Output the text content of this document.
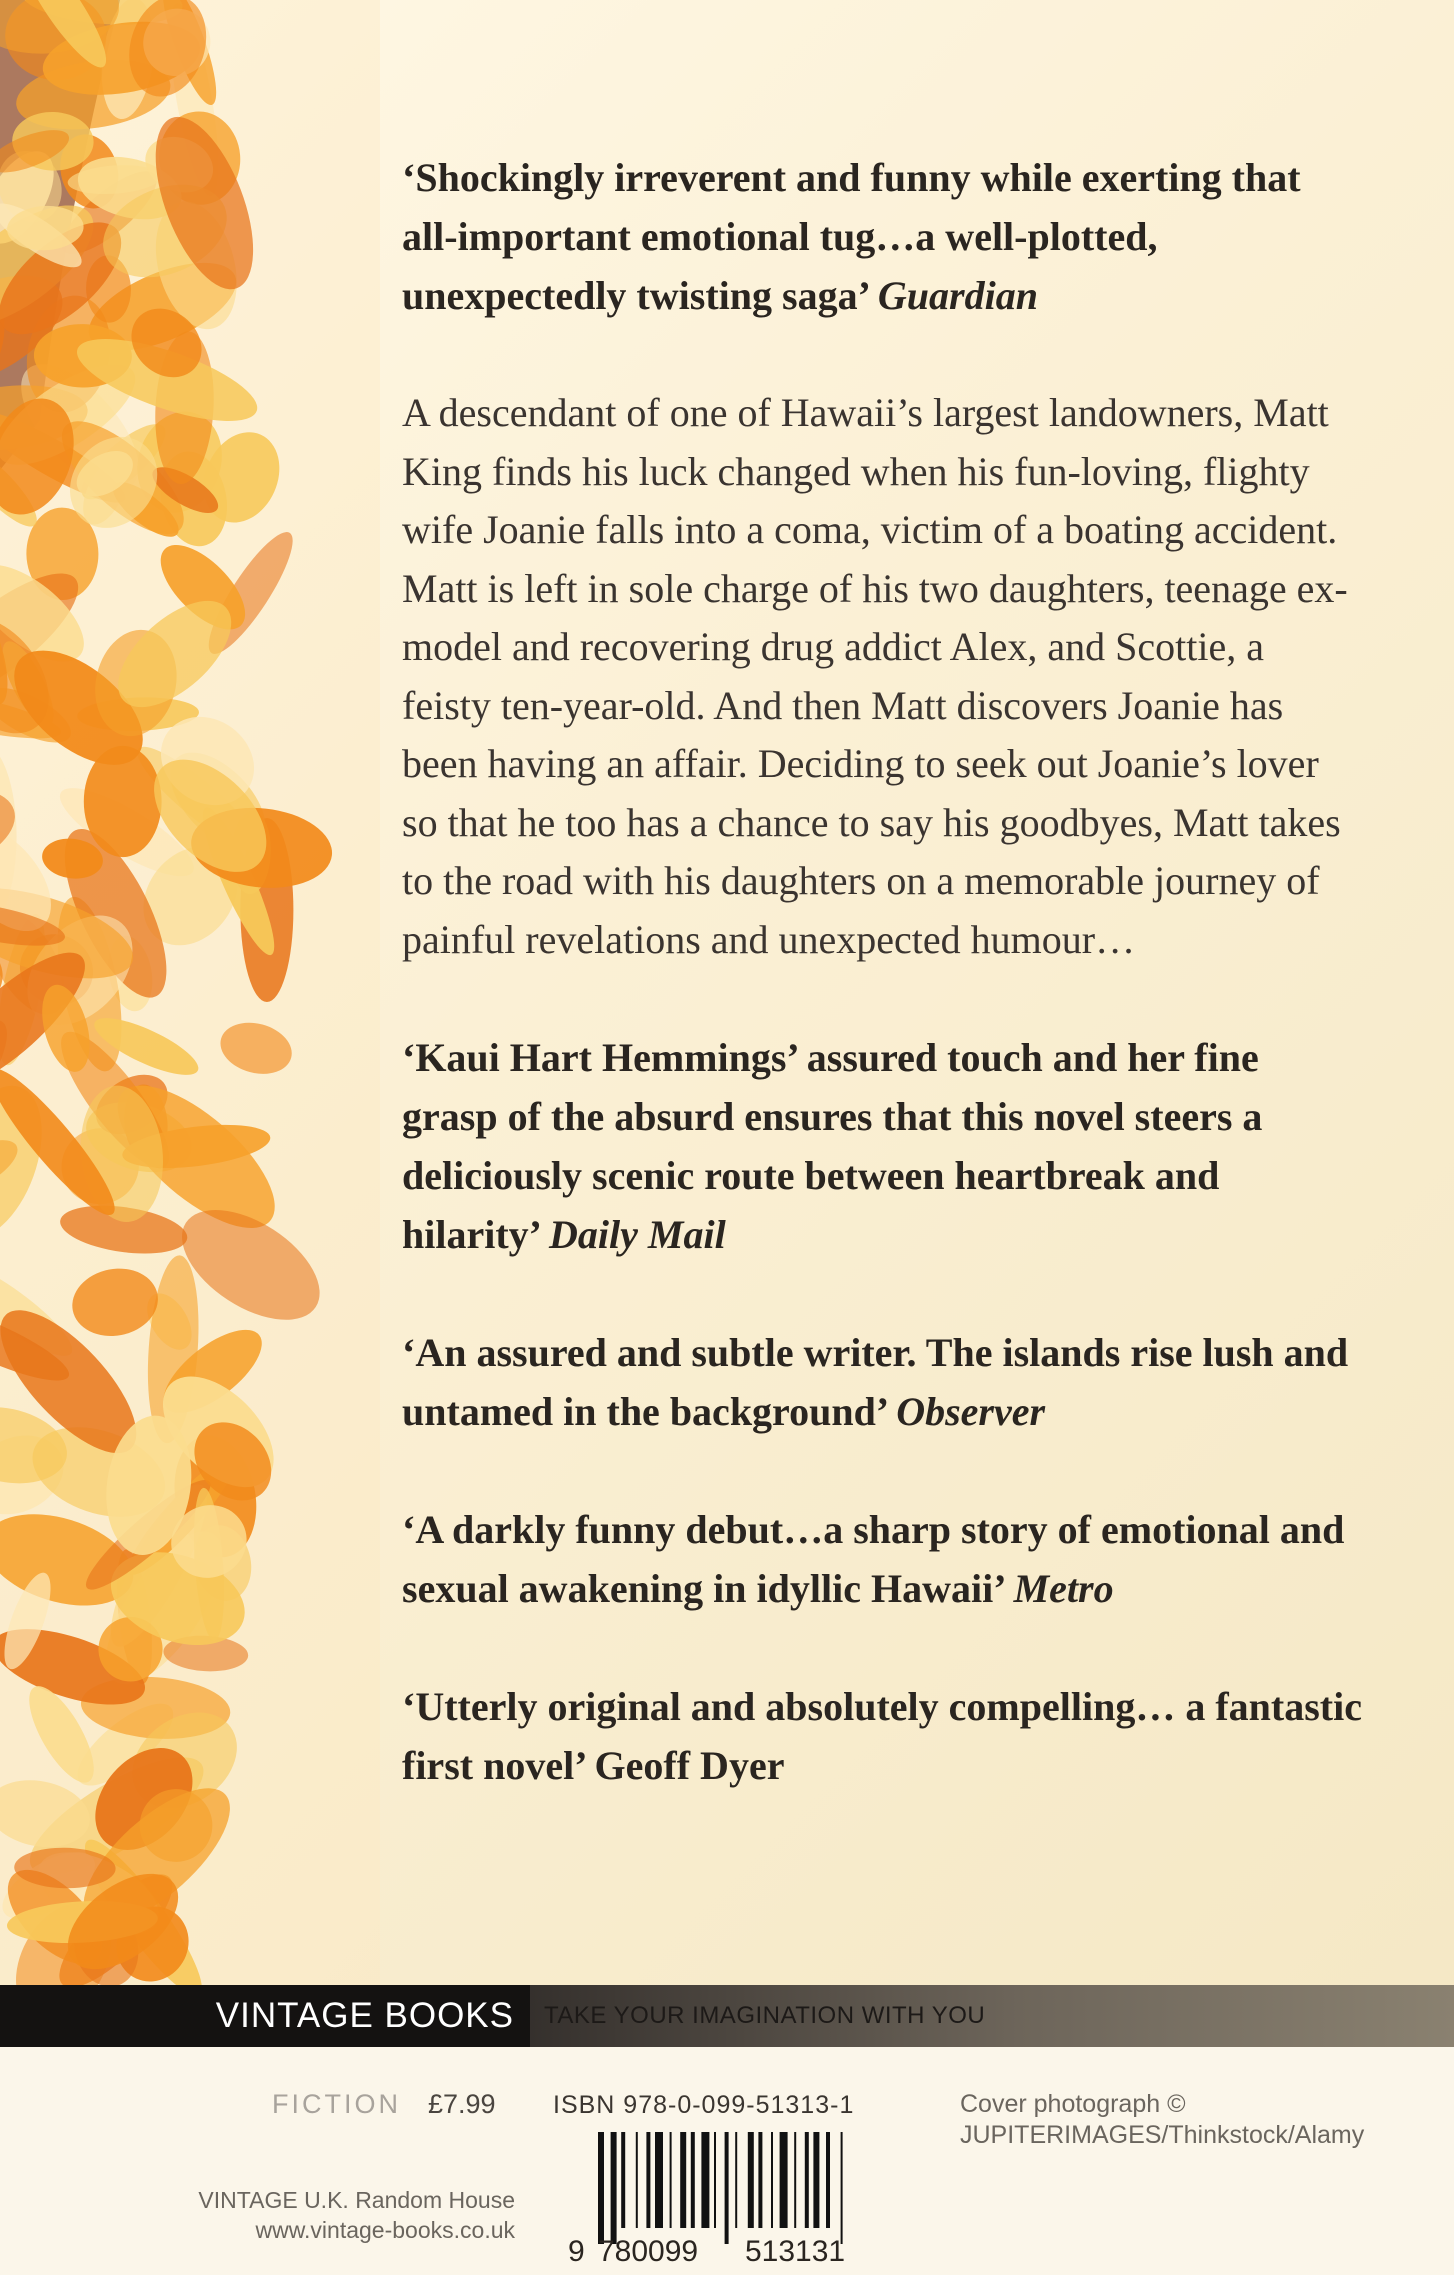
‘Shockingly irreverent and funny while exerting that all-important emotional tug…a well-plotted, unexpectedly twisting saga’ Guardian

A descendant of one of Hawaii’s largest landowners, Matt King finds his luck changed when his fun-loving, flighty wife Joanie falls into a coma, victim of a boating accident. Matt is left in sole charge of his two daughters, teenage ex-model and recovering drug addict Alex, and Scottie, a feisty ten-year-old. And then Matt discovers Joanie has been having an affair. Deciding to seek out Joanie’s lover so that he too has a chance to say his goodbyes, Matt takes to the road with his daughters on a memorable journey of painful revelations and unexpected humour…

‘Kaui Hart Hemmings’ assured touch and her fine grasp of the absurd ensures that this novel steers a deliciously scenic route between heartbreak and hilarity’ Daily Mail

‘An assured and subtle writer. The islands rise lush and untamed in the background’ Observer

‘A darkly funny debut…a sharp story of emotional and sexual awakening in idyllic Hawaii’ Metro

‘Utterly original and absolutely compelling… a fantastic first novel’ Geoff Dyer

VINTAGE BOOKS	TAKE YOUR IMAGINATION WITH YOU
FICTION £7.99 ISBN 978-0-099-51313-1	Cover photograph ©
JUPITERIMAGES/Thinkstock/Alamy
VINTAGE U.K. Random House
www.vintage-books.co.uk
9 780099 513131
